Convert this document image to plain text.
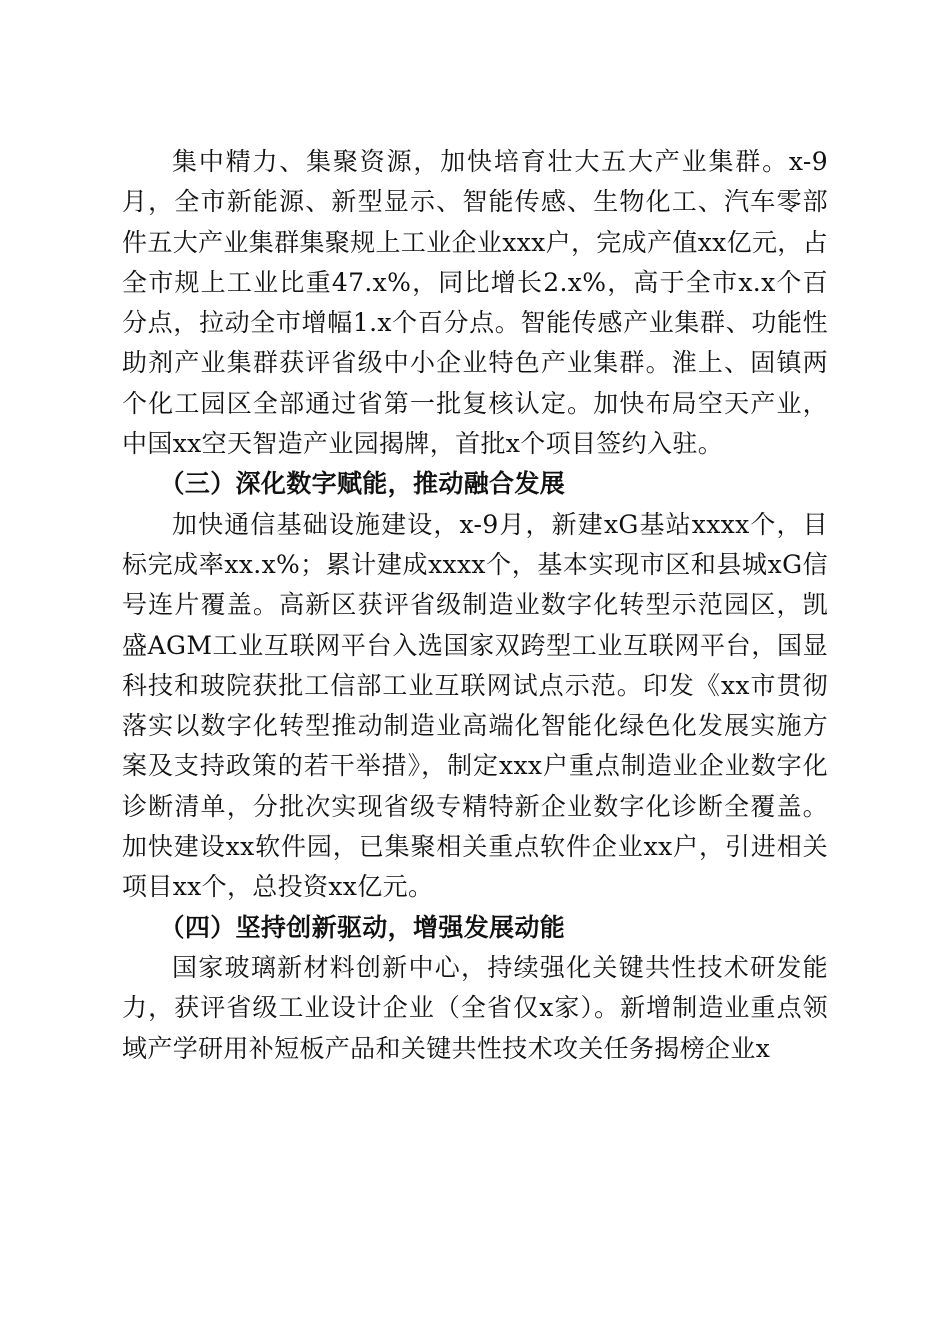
集中精力、集聚资源，加快培育壮大五大产业集群。x-9月，全市新能源、新型显示、智能传感、生物化工、汽车零部件五大产业集群集聚规上工业企业xxx户，完成产值xx亿元，占全市规上工业比重47.x%，同比增长2.x%，高于全市x.x个百分点，拉动全市增幅1.x个百分点。智能传感产业集群、功能性助剂产业集群获评省级中小企业特色产业集群。淮上、固镇两个化工园区全部通过省第一批复核认定。加快布局空天产业，中国xx空天智造产业园揭牌，首批x个项目签约入驻。

（三）深化数字赋能，推动融合发展

加快通信基础设施建设，x-9月，新建xG基站xxxx个，目标完成率xx.x%；累计建成xxxx个，基本实现市区和县城xG信号连片覆盖。高新区获评省级制造业数字化转型示范园区，凯盛AGM工业互联网平台入选国家双跨型工业互联网平台，国显科技和玻院获批工信部工业互联网试点示范。印发《xx市贯彻落实以数字化转型推动制造业高端化智能化绿色化发展实施方案及支持政策的若干举措》，制定xxx户重点制造业企业数字化诊断清单，分批次实现省级专精特新企业数字化诊断全覆盖。加快建设xx软件园，已集聚相关重点软件企业xx户，引进相关项目xx个，总投资xx亿元。

（四）坚持创新驱动，增强发展动能

国家玻璃新材料创新中心，持续强化关键共性技术研发能力，获评省级工业设计企业（全省仅x家）。新增制造业重点领域产学研用补短板产品和关键共性技术攻关任务揭榜企业x
